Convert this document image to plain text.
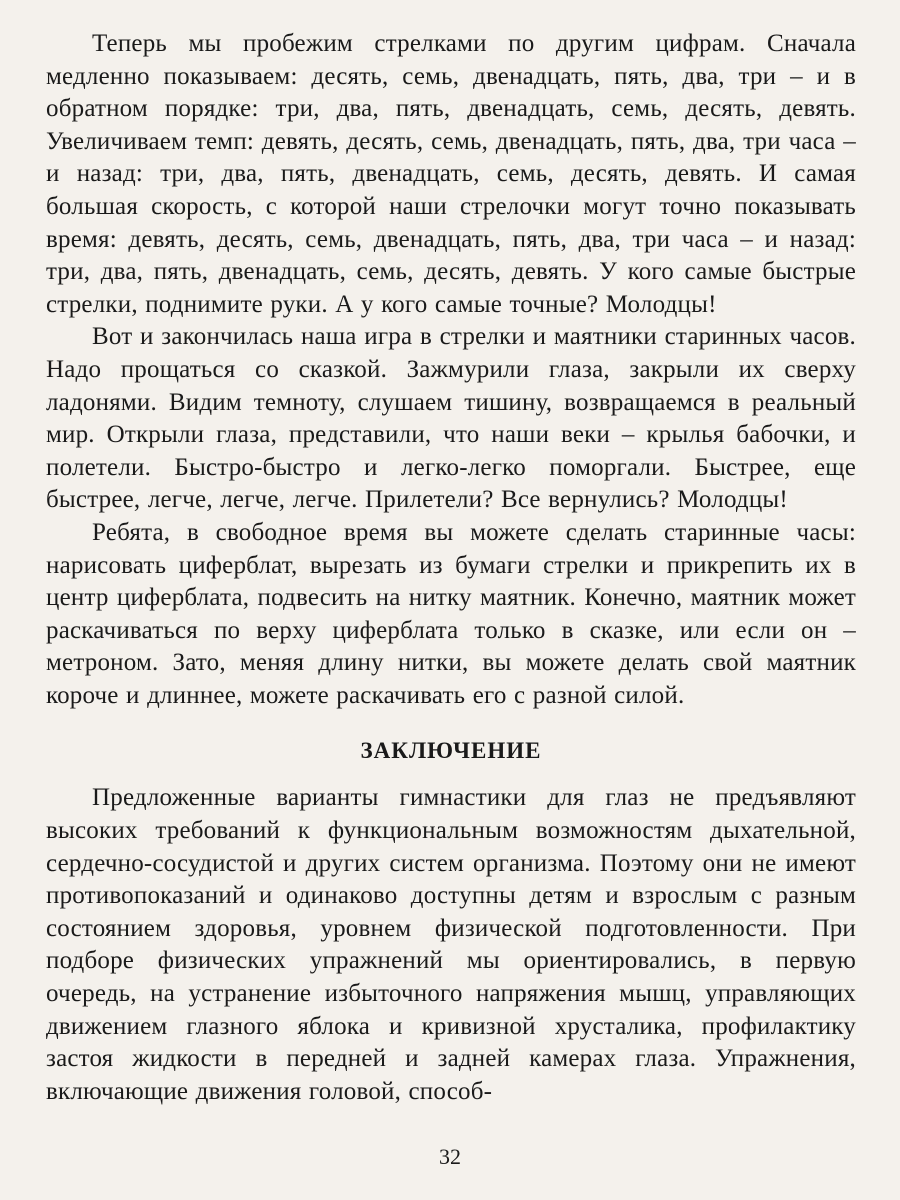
Теперь мы пробежим стрелками по другим цифрам. Сначала медленно показываем: десять, семь, двенадцать, пять, два, три – и в обратном порядке: три, два, пять, двенадцать, семь, десять, девять. Увеличиваем темп: девять, десять, семь, двенадцать, пять, два, три часа – и назад: три, два, пять, двенадцать, семь, десять, девять. И самая большая скорость, с которой наши стрелочки могут точно показывать время: девять, десять, семь, двенадцать, пять, два, три часа – и назад: три, два, пять, двенадцать, семь, десять, девять. У кого самые быстрые стрелки, поднимите руки. А у кого самые точные? Молодцы!

Вот и закончилась наша игра в стрелки и маятники старинных часов. Надо прощаться со сказкой. Зажмурили глаза, закрыли их сверху ладонями. Видим темноту, слушаем тишину, возвращаемся в реальный мир. Открыли глаза, представили, что наши веки – крылья бабочки, и полетели. Быстро-быстро и легко-легко поморгали. Быстрее, еще быстрее, легче, легче, легче. Прилетели? Все вернулись? Молодцы!

Ребята, в свободное время вы можете сделать старинные часы: нарисовать циферблат, вырезать из бумаги стрелки и прикрепить их в центр циферблата, подвесить на нитку маятник. Конечно, маятник может раскачиваться по верху циферблата только в сказке, или если он – метроном. Зато, меняя длину нитки, вы можете делать свой маятник короче и длиннее, можете раскачивать его с разной силой.

ЗАКЛЮЧЕНИЕ

Предложенные варианты гимнастики для глаз не предъявляют высоких требований к функциональным возможностям дыхательной, сердечно-сосудистой и других систем организма. Поэтому они не имеют противопоказаний и одинаково доступны детям и взрослым с разным состоянием здоровья, уровнем физической подготовленности. При подборе физических упражнений мы ориентировались, в первую очередь, на устранение избыточного напряжения мышц, управляющих движением глазного яблока и кривизной хрусталика, профилактику застоя жидкости в передней и задней камерах глаза. Упражнения, включающие движения головой, способ-

32
